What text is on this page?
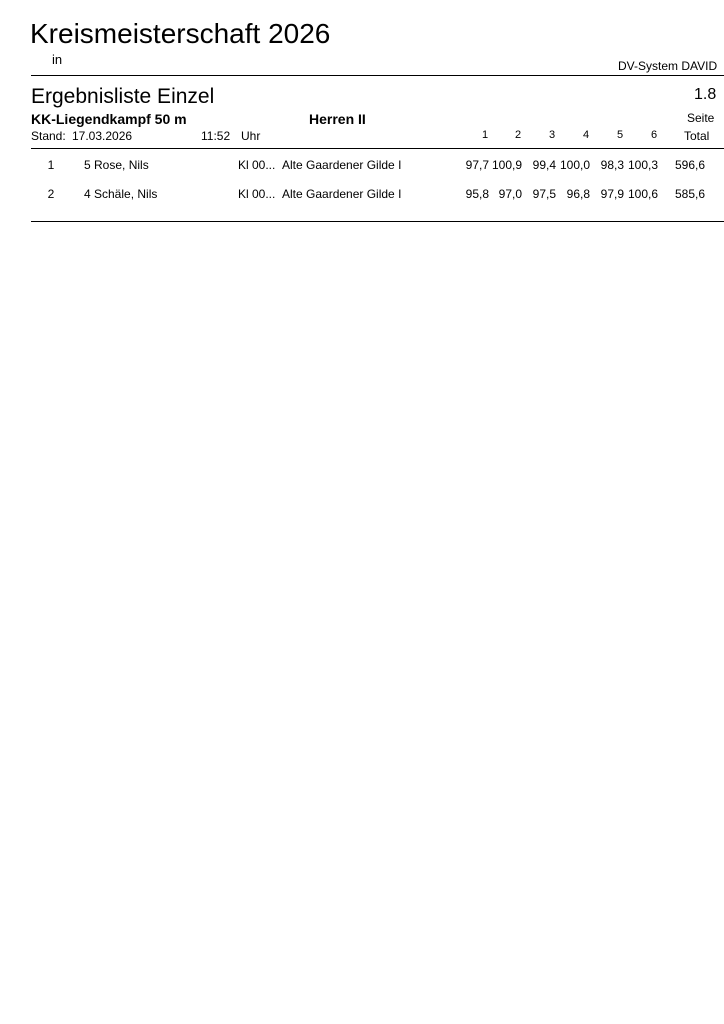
Kreismeisterschaft 2026
in	DV-System DAVID
Ergebnisliste Einzel	1.8
KK-Liegendkampf 50 m	Herren II	Seite
Stand: 17.03.2026	11:52 Uhr	1	2	3	4	5	6	Total
1	5 Rose, Nils	Kl 00... Alte Gaardener Gilde I	97,7 100,9 99,4 100,0 98,3 100,3	596,6
2	4 Schäle, Nils	Kl 00... Alte Gaardener Gilde I	95,8 97,0 97,5 96,8 97,9 100,6	585,6
